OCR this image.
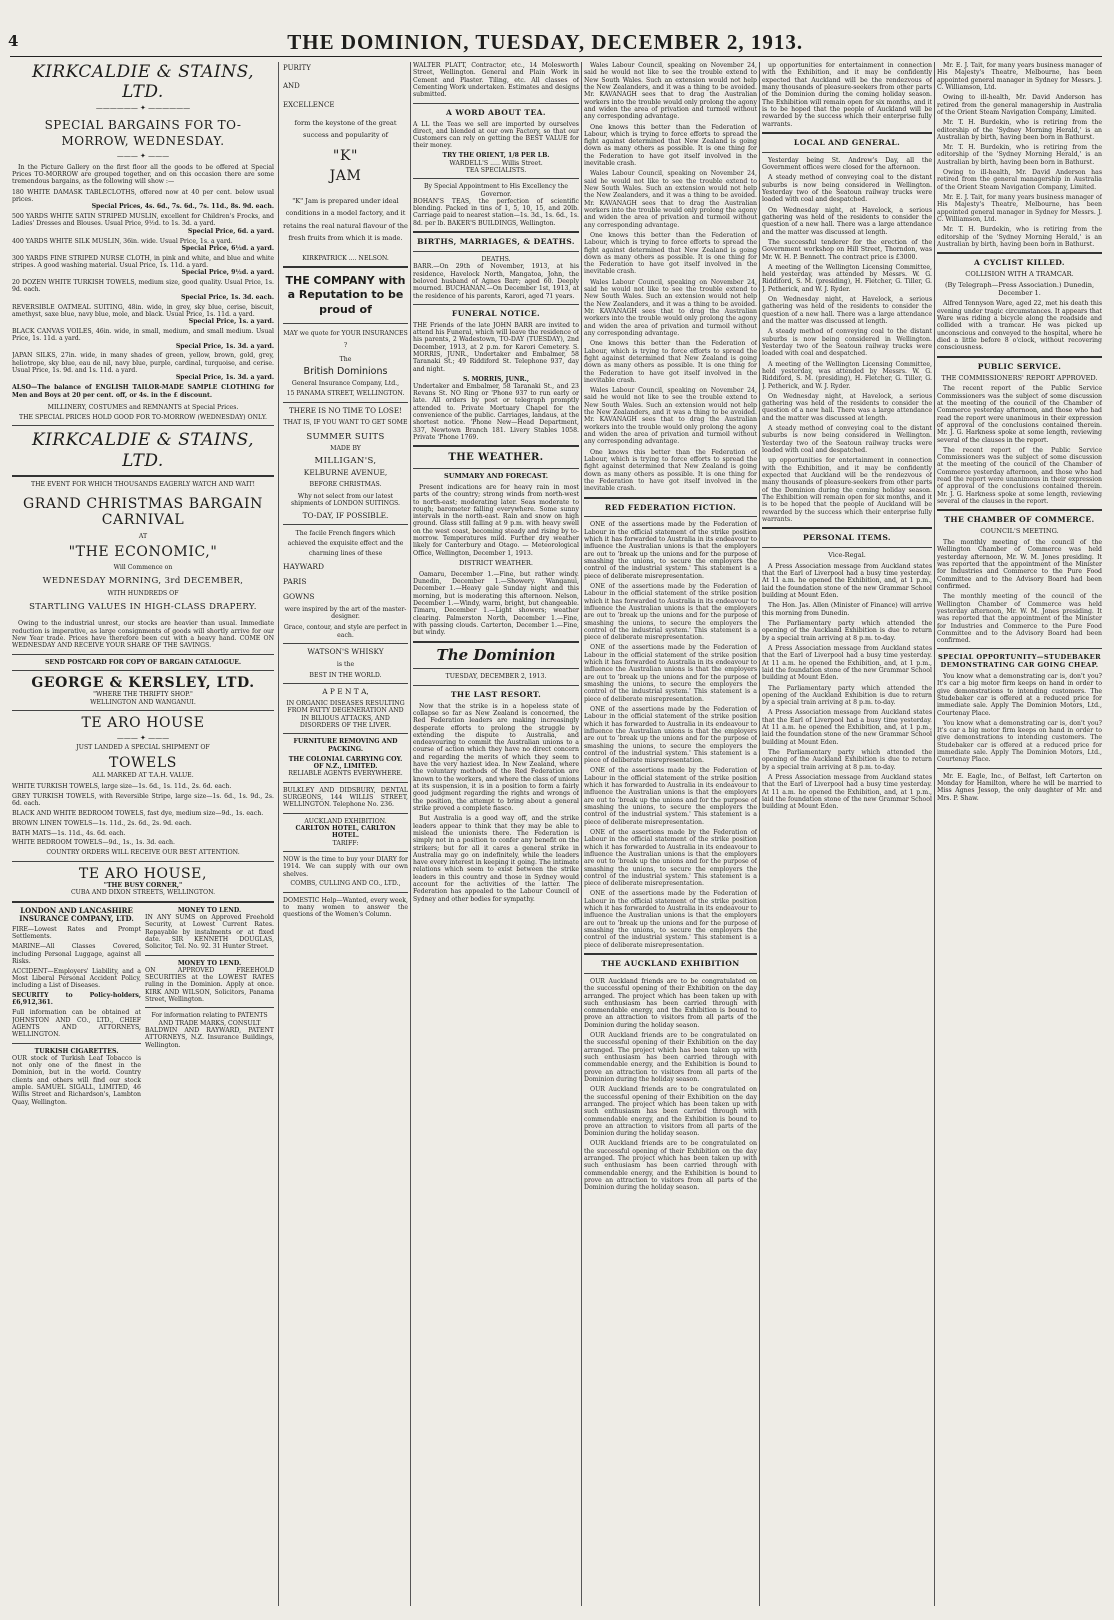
4	THE DOMINION, TUESDAY, DECEMBER 2, 1913.
KIRKCALDIE & STAINS, LTD.
—————— ✦ ——————
SPECIAL BARGAINS FOR TO-MORROW, WEDNESDAY.
——— ✦ ———

In the Picture Gallery on the first floor all the goods to be offered at Special Prices TO-MORROW are grouped together, and on this occasion there are some tremendous bargains, as the following will show :—

180 WHITE DAMASK TABLECLOTHS, offered now at 40 per cent. below usual prices.
Special Prices, 4s. 6d., 7s. 6d., 7s. 11d., 8s. 9d. each.
500 YARDS WHITE SATIN STRIPED MUSLIN, excellent for Children's Frocks, and Ladies' Dresses and Blouses. Usual Price, 9½d. to 1s. 3d. a yard.
Special Price, 6d. a yard.
400 YARDS WHITE SILK MUSLIN, 36in. wide. Usual Price, 1s. a yard.
Special Price, 6½d. a yard.
300 YARDS FINE STRIPED NURSE CLOTH, in pink and white, and blue and white stripes. A good washing material. Usual Price, 1s. 11d. a yard.
Special Price, 9½d. a yard.
20 DOZEN WHITE TURKISH TOWELS, medium size, good quality. Usual Price, 1s. 9d. each.
Special Price, 1s. 3d. each.
REVERSIBLE OATMEAL SUITING, 48in. wide, in grey, sky blue, cerise, biscuit, amethyst, saxe blue, navy blue, mole, and black. Usual Price, 1s. 11d. a yard.
Special Price, 1s. a yard.
BLACK CANVAS VOILES, 46in. wide, in small, medium, and small medium. Usual Price, 1s. 11d. a yard.
Special Price, 1s. 3d. a yard.
JAPAN SILKS, 27in. wide, in many shades of green, yellow, brown, gold, grey, heliotrope, sky blue, eau de nil, navy blue, purple, cardinal, turquoise, and cerise. Usual Price, 1s. 9d. and 1s. 11d. a yard.
Special Price, 1s. 3d. a yard.
ALSO—The balance of ENGLISH TAILOR-MADE SAMPLE CLOTHING for Men and Boys at 20 per cent. off, or 4s. in the £ discount.
MILLINERY, COSTUMES and REMNANTS at Special Prices.
THE SPECIAL PRICES HOLD GOOD FOR TO-MORROW (WEDNESDAY) ONLY.
KIRKCALDIE & STAINS, LTD.
THE EVENT FOR WHICH THOUSANDS EAGERLY WATCH AND WAIT!
GRAND CHRISTMAS BARGAIN CARNIVAL
AT
"THE ECONOMIC,"
Will Commence on
WEDNESDAY MORNING, 3rd DECEMBER,
WITH HUNDREDS OF
STARTLING VALUES IN HIGH-CLASS DRAPERY.

Owing to the industrial unrest, our stocks are heavier than usual. Immediate reduction is imperative, as large consignments of goods will shortly arrive for our New Year trade. Prices have therefore been cut with a heavy hand. COME ON WEDNESDAY AND RECEIVE YOUR SHARE OF THE SAVINGS.

SEND POSTCARD FOR COPY OF BARGAIN CATALOGUE.
GEORGE & KERSLEY, LTD.
"WHERE THE THRIFTY SHOP."
WELLINGTON AND WANGANUI.
TE ARO HOUSE
——— ✦ ———
JUST LANDED A SPECIAL SHIPMENT OF
TOWELS
ALL MARKED AT T.A.H. VALUE.
WHITE TURKISH TOWELS, large size—1s. 6d., 1s. 11d., 2s. 6d. each.
GREY TURKISH TOWELS, with Reversible Stripe, large size—1s. 6d., 1s. 9d., 2s. 6d. each.
BLACK AND WHITE BEDROOM TOWELS, fast dye, medium size—9d., 1s. each.
BROWN LINEN TOWELS—1s. 11d., 2s. 6d., 2s. 9d. each.
BATH MATS—1s. 11d., 4s. 6d. each.
WHITE BEDROOM TOWELS—9d., 1s., 1s. 3d. each.
COUNTRY ORDERS WILL RECEIVE OUR BEST ATTENTION.
TE ARO HOUSE,
"THE BUSY CORNER,"
CUBA AND DIXON STREETS, WELLINGTON.
LONDON AND LANCASHIRE INSURANCE COMPANY, LTD.
FIRE—Lowest Rates and Prompt Settlements.
MARINE—All Classes Covered, including Personal Luggage, against all Risks.
ACCIDENT—Employers' Liability, and a Most Liberal Personal Accident Policy, including a List of Diseases.
SECURITY to Policy-holders, £6,912,361.
Full information can be obtained at JOHNSTON AND CO., LTD., CHIEF AGENTS AND ATTORNEYS, WELLINGTON.
TURKISH CIGARETTES.
OUR stock of Turkish Leaf Tobacco is not only one of the finest in the Dominion, but in the world. Country clients and others will find our stock ample. SAMUEL SIGALL, LIMITED, 46 Willis Street and Richardson's, Lambton Quay, Wellington.
MONEY TO LEND.
IN ANY SUMS on Approved Freehold Security, at Lowest Current Rates. Repayable by instalments or at fixed date. SIR KENNETH DOUGLAS, Solicitor, Tel. No. 92. 31 Hunter Street.
MONEY TO LEND.
ON APPROVED FREEHOLD SECURITIES at the LOWEST RATES ruling in the Dominion. Apply at once. KIRK AND WILSON, Solicitors, Panama Street, Wellington.
For information relating to PATENTS AND TRADE MARKS, CONSULT
BALDWIN AND RAYWARD, PATENT ATTORNEYS, N.Z. Insurance Buildings, Wellington.
PURITY
AND
EXCELLENCE
form the keystone of the great success and popularity of
"K"
JAM
"K" Jam is prepared under ideal conditions in a model factory, and it retains the real natural flavour of the fresh fruits from which it is made.
KIRKPATRICK .... NELSON.
THE COMPANY with a Reputation to be proud of
MAY we quote for YOUR INSURANCES ?
The
British Dominions
General Insurance Company, Ltd.,
15 PANAMA STREET, WELLINGTON.
THERE IS NO TIME TO LOSE!
THAT IS, IF YOU WANT TO GET SOME
SUMMER SUITS
MADE BY
MILLIGAN'S,
KELBURNE AVENUE,
BEFORE CHRISTMAS.
Why not select from our latest shipments of LONDON SUITINGS.
TO-DAY, IF POSSIBLE.
The facile French fingers which achieved the exquisite effect and the charming lines of these
HAYWARD
PARIS
GOWNS
were inspired by the art of the master-designer.
Grace, contour, and style are perfect in each.
WATSON'S WHISKY
is the
BEST IN THE WORLD.
A P E N T A,
IN ORGANIC DISEASES RESULTING FROM FATTY DEGENERATION AND IN BILIOUS ATTACKS, AND DISORDERS OF THE LIVER.
FURNITURE REMOVING AND PACKING.
THE COLONIAL CARRYING COY. OF N.Z., LIMITED.
RELIABLE AGENTS EVERYWHERE.
BULKLEY AND DIDSBURY, DENTAL SURGEONS, 144 WILLIS STREET, WELLINGTON. Telephone No. 236.
AUCKLAND EXHIBITION.
CARLTON HOTEL, CARLTON HOTEL.
TARIFF:
NOW is the time to buy your DIARY for 1914. We can supply with our own shelves.
COMBS, CULLING AND CO., LTD.,
DOMESTIC Help—Wanted, every week, to many women to answer the questions of the Women's Column.
WALTER PLATT, Contractor, etc., 14 Molesworth Street, Wellington. General and Plain Work in Cement and Plaster. Tiling, etc. All classes of Cementing Work undertaken. Estimates and designs submitted.
A WORD ABOUT TEA.
A LL the Teas we sell are imported by ourselves direct, and blended at our own Factory, so that our Customers can rely on getting the BEST VALUE for their money.
TRY THE ORIENT, 1/8 PER LB.
WARDELL'S ..... Willis Street.
TEA SPECIALISTS.
By Special Appointment to His Excellency the Governor.
BOHAN'S TEAS, the perfection of scientific blending. Packed in tins of 1, 5, 10, 15, and 20lb. Carriage paid to nearest station—1s. 3d., 1s. 6d., 1s. 8d. per lb. BAKER'S BUILDINGS, Wellington.
BIRTHS, MARRIAGES, & DEATHS.
DEATHS.
BARR.—On 29th of November, 1913, at his residence, Havelock North, Mangatoa, John, the beloved husband of Agnes Barr; aged 60. Deeply mourned. BUCHANAN.—On December 1st, 1913, at the residence of his parents, Karori, aged 71 years.
FUNERAL NOTICE.
THE Friends of the late JOHN BARR are invited to attend his Funeral, which will leave the residence of his parents, 2 Wadestown, TO-DAY (TUESDAY), 2nd December, 1913, at 2 p.m. for Karori Cemetery. S. MORRIS, JUNR., Undertaker and Embalmer, 58 Taranaki St.; 49 Riddiford St. Telephone 937, day and night.
S. MORRIS, JUNR.,
Undertaker and Embalmer, 58 Taranaki St., and 23 Revans St. NO Ring or 'Phone 937 to run early or late. All orders by post or telegraph promptly attended to. Private Mortuary Chapel for the convenience of the public. Carriages, landaus, at the shortest notice. 'Phone New—Head Department, 337, Newtown Branch 181. Livery Stables 1058. Private 'Phone 1769.
THE WEATHER.
SUMMARY AND FORECAST.

Present indications are for heavy rain in most parts of the country; strong winds from north-west to north-east; moderating later. Seas moderate to rough; barometer falling everywhere. Some sunny intervals in the north-east. Rain and snow on high ground. Glass still falling at 9 p.m. with heavy swell on the west coast, becoming steady and rising by to-morrow. Temperatures mild. Further dry weather likely for Canterbury and Otago. — Meteorological Office, Wellington, December 1, 1913.

DISTRICT WEATHER.

Oamaru, December 1.—Fine, but rather windy. Dunedin, December 1.—Showery. Wanganui, December 1.—Heavy gale Sunday night and this morning, but is moderating this afternoon. Nelson, December 1.—Windy, warm, bright, but changeable. Timaru, December 1.—Light showers; weather clearing. Palmerston North, December 1.—Fine, with passing clouds. Carterton, December 1.—Fine, but windy.

The Dominion
TUESDAY, DECEMBER 2, 1913.
THE LAST RESORT.

Now that the strike is in a hopeless state of collapse so far as New Zealand is concerned, the Red Federation leaders are making increasingly desperate efforts to prolong the struggle by extending the dispute to Australia, and endeavouring to commit the Australian unions to a course of action which they have no direct concern and regarding the merits of which they seem to have the very haziest idea. In New Zealand, where the voluntary methods of the Red Federation are known to the workers, and where the class of unions at its suspension, it is in a position to form a fairly good judgment regarding the rights and wrongs of the position, the attempt to bring about a general strike proved a complete fiasco.

But Australia is a good way off, and the strike leaders appear to think that they may be able to mislead the unionists there. The Federation is simply not in a position to confer any benefit on the strikers; but for all it cares a general strike in Australia may go on indefinitely, while the leaders have every interest in keeping it going. The intimate relations which seem to exist between the strike leaders in this country and those in Sydney would account for the activities of the latter. The Federation has appealed to the Labour Council of Sydney and other bodies for sympathy.

Wales Labour Council, speaking on November 24, said he would not like to see the trouble extend to New South Wales. Such an extension would not help the New Zealanders, and it was a thing to be avoided. Mr. KAVANAGH sees that to drag the Australian workers into the trouble would only prolong the agony and widen the area of privation and turmoil without any corresponding advantage.

One knows this better than the Federation of Labour, which is trying to force efforts to spread the fight against determined that New Zealand is going down as many others as possible. It is one thing for the Federation to have got itself involved in the inevitable crash.

Wales Labour Council, speaking on November 24, said he would not like to see the trouble extend to New South Wales. Such an extension would not help the New Zealanders, and it was a thing to be avoided. Mr. KAVANAGH sees that to drag the Australian workers into the trouble would only prolong the agony and widen the area of privation and turmoil without any corresponding advantage.

One knows this better than the Federation of Labour, which is trying to force efforts to spread the fight against determined that New Zealand is going down as many others as possible. It is one thing for the Federation to have got itself involved in the inevitable crash.

Wales Labour Council, speaking on November 24, said he would not like to see the trouble extend to New South Wales. Such an extension would not help the New Zealanders, and it was a thing to be avoided. Mr. KAVANAGH sees that to drag the Australian workers into the trouble would only prolong the agony and widen the area of privation and turmoil without any corresponding advantage.

One knows this better than the Federation of Labour, which is trying to force efforts to spread the fight against determined that New Zealand is going down as many others as possible. It is one thing for the Federation to have got itself involved in the inevitable crash.

Wales Labour Council, speaking on November 24, said he would not like to see the trouble extend to New South Wales. Such an extension would not help the New Zealanders, and it was a thing to be avoided. Mr. KAVANAGH sees that to drag the Australian workers into the trouble would only prolong the agony and widen the area of privation and turmoil without any corresponding advantage.

One knows this better than the Federation of Labour, which is trying to force efforts to spread the fight against determined that New Zealand is going down as many others as possible. It is one thing for the Federation to have got itself involved in the inevitable crash.

RED FEDERATION FICTION.

ONE of the assertions made by the Federation of Labour in the official statement of the strike position which it has forwarded to Australia in its endeavour to influence the Australian unions is that the employers are out to 'break up the unions and for the purpose of smashing the unions, to secure the employers the control of the industrial system.' This statement is a piece of deliberate misrepresentation.

ONE of the assertions made by the Federation of Labour in the official statement of the strike position which it has forwarded to Australia in its endeavour to influence the Australian unions is that the employers are out to 'break up the unions and for the purpose of smashing the unions, to secure the employers the control of the industrial system.' This statement is a piece of deliberate misrepresentation.

ONE of the assertions made by the Federation of Labour in the official statement of the strike position which it has forwarded to Australia in its endeavour to influence the Australian unions is that the employers are out to 'break up the unions and for the purpose of smashing the unions, to secure the employers the control of the industrial system.' This statement is a piece of deliberate misrepresentation.

ONE of the assertions made by the Federation of Labour in the official statement of the strike position which it has forwarded to Australia in its endeavour to influence the Australian unions is that the employers are out to 'break up the unions and for the purpose of smashing the unions, to secure the employers the control of the industrial system.' This statement is a piece of deliberate misrepresentation.

ONE of the assertions made by the Federation of Labour in the official statement of the strike position which it has forwarded to Australia in its endeavour to influence the Australian unions is that the employers are out to 'break up the unions and for the purpose of smashing the unions, to secure the employers the control of the industrial system.' This statement is a piece of deliberate misrepresentation.

ONE of the assertions made by the Federation of Labour in the official statement of the strike position which it has forwarded to Australia in its endeavour to influence the Australian unions is that the employers are out to 'break up the unions and for the purpose of smashing the unions, to secure the employers the control of the industrial system.' This statement is a piece of deliberate misrepresentation.

ONE of the assertions made by the Federation of Labour in the official statement of the strike position which it has forwarded to Australia in its endeavour to influence the Australian unions is that the employers are out to 'break up the unions and for the purpose of smashing the unions, to secure the employers the control of the industrial system.' This statement is a piece of deliberate misrepresentation.

THE AUCKLAND EXHIBITION

OUR Auckland friends are to be congratulated on the successful opening of their Exhibition on the day arranged. The project which has been taken up with such enthusiasm has been carried through with commendable energy, and the Exhibition is bound to prove an attraction to visitors from all parts of the Dominion during the holiday season.

OUR Auckland friends are to be congratulated on the successful opening of their Exhibition on the day arranged. The project which has been taken up with such enthusiasm has been carried through with commendable energy, and the Exhibition is bound to prove an attraction to visitors from all parts of the Dominion during the holiday season.

OUR Auckland friends are to be congratulated on the successful opening of their Exhibition on the day arranged. The project which has been taken up with such enthusiasm has been carried through with commendable energy, and the Exhibition is bound to prove an attraction to visitors from all parts of the Dominion during the holiday season.

OUR Auckland friends are to be congratulated on the successful opening of their Exhibition on the day arranged. The project which has been taken up with such enthusiasm has been carried through with commendable energy, and the Exhibition is bound to prove an attraction to visitors from all parts of the Dominion during the holiday season.

up opportunities for entertainment in connection with the Exhibition, and it may be confidently expected that Auckland will be the rendezvous of many thousands of pleasure-seekers from other parts of the Dominion during the coming holiday season. The Exhibition will remain open for six months, and it is to be hoped that the people of Auckland will be rewarded by the success which their enterprise fully warrants.

LOCAL AND GENERAL.

Yesterday being St. Andrew's Day, all the Government offices were closed for the afternoon.

A steady method of conveying coal to the distant suburbs is now being considered in Wellington. Yesterday two of the Seatoun railway trucks were loaded with coal and despatched.

On Wednesday night, at Havelock, a serious gathering was held of the residents to consider the question of a new hall. There was a large attendance and the matter was discussed at length.

The successful tenderer for the erection of the Government workshop on Hill Street, Thorndon, was Mr. W. H. P. Bennett. The contract price is £3000.

A meeting of the Wellington Licensing Committee, held yesterday, was attended by Messrs. W. G. Riddiford, S. M. (presiding), H. Fletcher, G. Tiller, G. J. Petherick, and W. J. Ryder.

On Wednesday night, at Havelock, a serious gathering was held of the residents to consider the question of a new hall. There was a large attendance and the matter was discussed at length.

A steady method of conveying coal to the distant suburbs is now being considered in Wellington. Yesterday two of the Seatoun railway trucks were loaded with coal and despatched.

A meeting of the Wellington Licensing Committee, held yesterday, was attended by Messrs. W. G. Riddiford, S. M. (presiding), H. Fletcher, G. Tiller, G. J. Petherick, and W. J. Ryder.

On Wednesday night, at Havelock, a serious gathering was held of the residents to consider the question of a new hall. There was a large attendance and the matter was discussed at length.

A steady method of conveying coal to the distant suburbs is now being considered in Wellington. Yesterday two of the Seatoun railway trucks were loaded with coal and despatched.

up opportunities for entertainment in connection with the Exhibition, and it may be confidently expected that Auckland will be the rendezvous of many thousands of pleasure-seekers from other parts of the Dominion during the coming holiday season. The Exhibition will remain open for six months, and it is to be hoped that the people of Auckland will be rewarded by the success which their enterprise fully warrants.

PERSONAL ITEMS.
Vice-Regal.

A Press Association message from Auckland states that the Earl of Liverpool had a busy time yesterday. At 11 a.m. he opened the Exhibition, and, at 1 p.m., laid the foundation stone of the new Grammar School building at Mount Eden.

The Hon. Jas. Allen (Minister of Finance) will arrive this morning from Dunedin.

The Parliamentary party which attended the opening of the Auckland Exhibition is due to return by a special train arriving at 8 p.m. to-day.

A Press Association message from Auckland states that the Earl of Liverpool had a busy time yesterday. At 11 a.m. he opened the Exhibition, and, at 1 p.m., laid the foundation stone of the new Grammar School building at Mount Eden.

The Parliamentary party which attended the opening of the Auckland Exhibition is due to return by a special train arriving at 8 p.m. to-day.

A Press Association message from Auckland states that the Earl of Liverpool had a busy time yesterday. At 11 a.m. he opened the Exhibition, and, at 1 p.m., laid the foundation stone of the new Grammar School building at Mount Eden.

The Parliamentary party which attended the opening of the Auckland Exhibition is due to return by a special train arriving at 8 p.m. to-day.

A Press Association message from Auckland states that the Earl of Liverpool had a busy time yesterday. At 11 a.m. he opened the Exhibition, and, at 1 p.m., laid the foundation stone of the new Grammar School building at Mount Eden.

Mr. E. J. Tait, for many years business manager of His Majesty's Theatre, Melbourne, has been appointed general manager in Sydney for Messrs. J. C. Williamson, Ltd.

Owing to ill-health, Mr. David Anderson has retired from the general managership in Australia of the Orient Steam Navigation Company, Limited.

Mr. T. H. Burdekin, who is retiring from the editorship of the 'Sydney Morning Herald,' is an Australian by birth, having been born in Bathurst.

Mr. T. H. Burdekin, who is retiring from the editorship of the 'Sydney Morning Herald,' is an Australian by birth, having been born in Bathurst.

Owing to ill-health, Mr. David Anderson has retired from the general managership in Australia of the Orient Steam Navigation Company, Limited.

Mr. E. J. Tait, for many years business manager of His Majesty's Theatre, Melbourne, has been appointed general manager in Sydney for Messrs. J. C. Williamson, Ltd.

Mr. T. H. Burdekin, who is retiring from the editorship of the 'Sydney Morning Herald,' is an Australian by birth, having been born in Bathurst.

A CYCLIST KILLED.
COLLISION WITH A TRAMCAR.
(By Telegraph—Press Association.) Dunedin, December 1.

Alfred Tennyson Ware, aged 22, met his death this evening under tragic circumstances. It appears that Ware was riding a bicycle along the roadside and collided with a tramcar. He was picked up unconscious and conveyed to the hospital, where he died a little before 8 o'clock, without recovering consciousness.

PUBLIC SERVICE.
THE COMMISSIONERS' REPORT APPROVED.

The recent report of the Public Service Commissioners was the subject of some discussion at the meeting of the council of the Chamber of Commerce yesterday afternoon, and those who had read the report were unanimous in their expression of approval of the conclusions contained therein. Mr. J. G. Harkness spoke at some length, reviewing several of the clauses in the report.

The recent report of the Public Service Commissioners was the subject of some discussion at the meeting of the council of the Chamber of Commerce yesterday afternoon, and those who had read the report were unanimous in their expression of approval of the conclusions contained therein. Mr. J. G. Harkness spoke at some length, reviewing several of the clauses in the report.

THE CHAMBER OF COMMERCE.
COUNCIL'S MEETING.

The monthly meeting of the council of the Wellington Chamber of Commerce was held yesterday afternoon, Mr. W. M. Jones presiding. It was reported that the appointment of the Minister for Industries and Commerce to the Pure Food Committee and to the Advisory Board had been confirmed.

The monthly meeting of the council of the Wellington Chamber of Commerce was held yesterday afternoon, Mr. W. M. Jones presiding. It was reported that the appointment of the Minister for Industries and Commerce to the Pure Food Committee and to the Advisory Board had been confirmed.

SPECIAL OPPORTUNITY—STUDEBAKER DEMONSTRATING CAR GOING CHEAP.

You know what a demonstrating car is, don't you? It's car a big motor firm keeps on hand in order to give demonstrations to intending customers. The Studebaker car is offered at a reduced price for immediate sale. Apply The Dominion Motors, Ltd., Courtenay Place.

You know what a demonstrating car is, don't you? It's car a big motor firm keeps on hand in order to give demonstrations to intending customers. The Studebaker car is offered at a reduced price for immediate sale. Apply The Dominion Motors, Ltd., Courtenay Place.

Mr. E. Eagle, Inc., of Belfast, left Carterton on Monday for Hamilton, where he will be married to Miss Agnes Jessop, the only daughter of Mr. and Mrs. P. Shaw.
